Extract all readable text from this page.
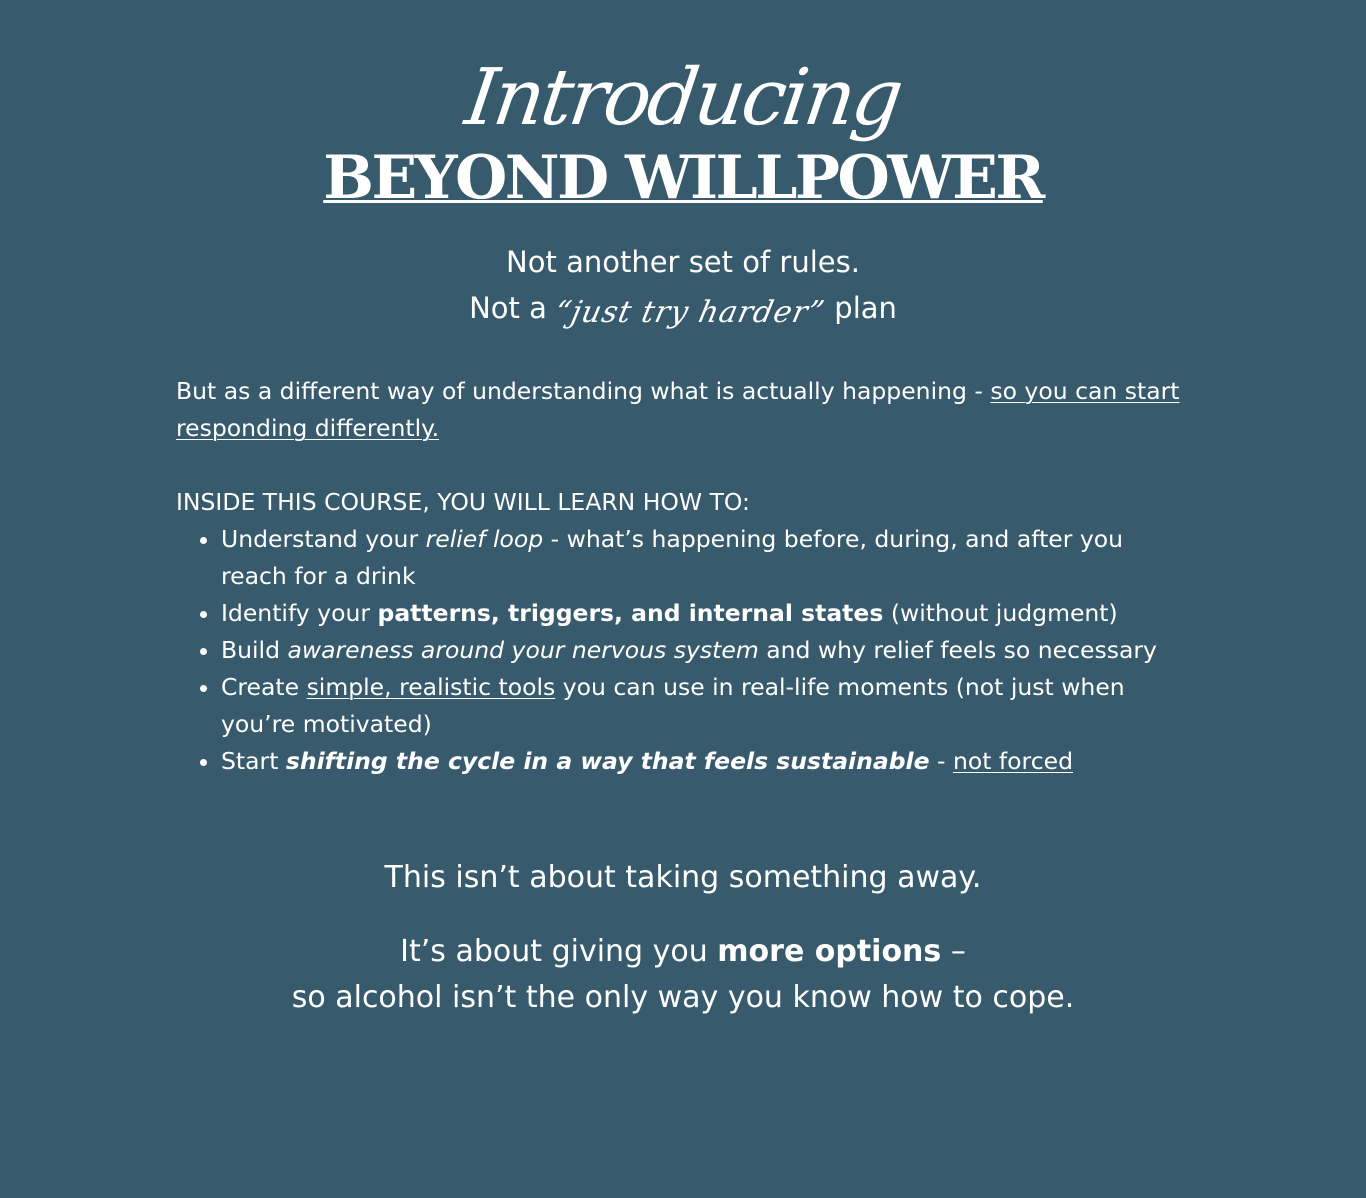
Introducing
BEYOND WILLPOWER
Not another set of rules.
Not a “just try harder” plan
But as a different way of understanding what is actually happening - so you can start responding differently.
INSIDE THIS COURSE, YOU WILL LEARN HOW TO:
• Understand your relief loop - what’s happening before, during, and after you reach for a drink
• Identify your patterns, triggers, and internal states (without judgment)
• Build awareness around your nervous system and why relief feels so necessary
• Create simple, realistic tools you can use in real-life moments (not just when you’re motivated)
• Start shifting the cycle in a way that feels sustainable - not forced
This isn’t about taking something away.
It’s about giving you more options –
so alcohol isn’t the only way you know how to cope.
